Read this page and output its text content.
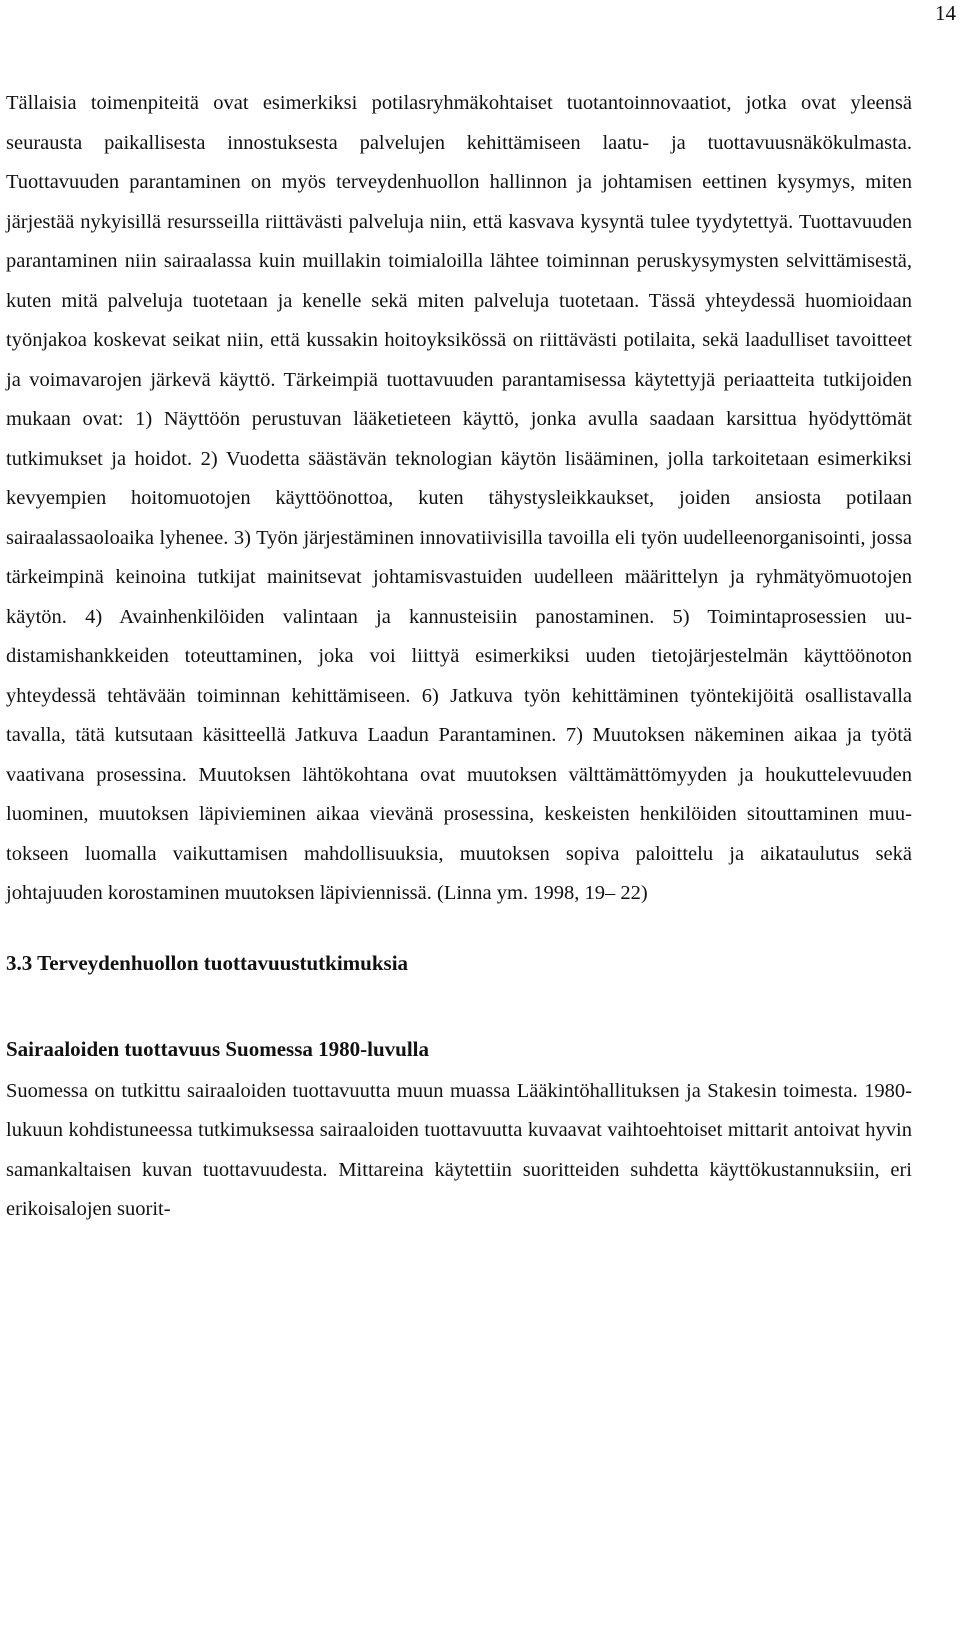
14

Tällaisia toimenpiteitä ovat esimerkiksi potilasryhmäkohtaiset tuotantoinnovaatiot, jotka ovat yleensä seurausta paikallisesta innostuksesta palvelujen kehittämiseen laatu- ja tuottavuusnäkökulmasta. Tuottavuuden parantaminen on myös terveydenhuollon hallinnon ja johtamisen eettinen kysymys, miten järjestää nykyisillä resursseilla riittävästi palveluja niin, että kasvava kysyntä tulee tyydytettyä. Tuottavuuden parantaminen niin sairaalassa kuin muillakin toimialoilla lähtee toiminnan peruskysymysten selvittämisestä, kuten mitä palveluja tuotetaan ja kenelle sekä miten palveluja tuotetaan. Tässä yhteydessä huomioidaan työnjakoa koskevat seikat niin, että kussakin hoitoyksikössä on riittävästi potilaita, sekä laadulliset tavoitteet ja voimavarojen järkevä käyttö. Tärkeimpiä tuottavuuden parantamisessa käytettyjä periaatteita tutkijoiden mukaan ovat: 1) Näyttöön perustuvan lääketieteen käyttö, jonka avulla saadaan karsittua hyödyttömät tutkimukset ja hoidot. 2) Vuodetta säästävän teknologian käytön lisääminen, jolla tarkoitetaan esimerkiksi kevyempien hoitomuotojen käyttöönottoa, kuten tähystysleikkaukset, joiden ansiosta potilaan sairaalassaoloaika lyhenee. 3) Työn järjestäminen innovatiivisilla tavoilla eli työn uudelleenorganisointi, jossa tärkeimpinä keinoina tutkijat mainitsevat johtamisvastuiden uudelleen määrittelyn ja ryhmätyömuotojen käytön. 4) Avainhenkilöiden valintaan ja kannusteisiin panostaminen. 5) Toimintaprosessien uudistamishankkeiden toteuttaminen, joka voi liittyä esimerkiksi uuden tietojärjestelmän käyttöönoton yhteydessä tehtävään toiminnan kehittämiseen. 6) Jatkuva työn kehittäminen työntekijöitä osallistavalla tavalla, tätä kutsutaan käsitteellä Jatkuva Laadun Parantaminen. 7) Muutoksen näkeminen aikaa ja työtä vaativana prosessina. Muutoksen lähtökohtana ovat muutoksen välttämättömyyden ja houkuttelevuuden luominen, muutoksen läpivieminen aikaa vievänä prosessina, keskeisten henkilöiden sitouttaminen muutokseen luomalla vaikuttamisen mahdollisuuksia, muutoksen sopiva paloittelu ja aikataulutus sekä johtajuuden korostaminen muutoksen läpiviennissä. (Linna ym. 1998, 19– 22)

3.3 Terveydenhuollon tuottavuustutkimuksia
Sairaaloiden tuottavuus Suomessa 1980-luvulla

Suomessa on tutkittu sairaaloiden tuottavuutta muun muassa Lääkintöhallituksen ja Stakesin toimesta. 1980-lukuun kohdistuneessa tutkimuksessa sairaaloiden tuottavuutta kuvaavat vaihtoehtoiset mittarit antoivat hyvin samankaltaisen kuvan tuottavuudesta. Mittareina käytettiin suoritteiden suhdetta käyttökustannuksiin, eri erikoisalojen suorit-
